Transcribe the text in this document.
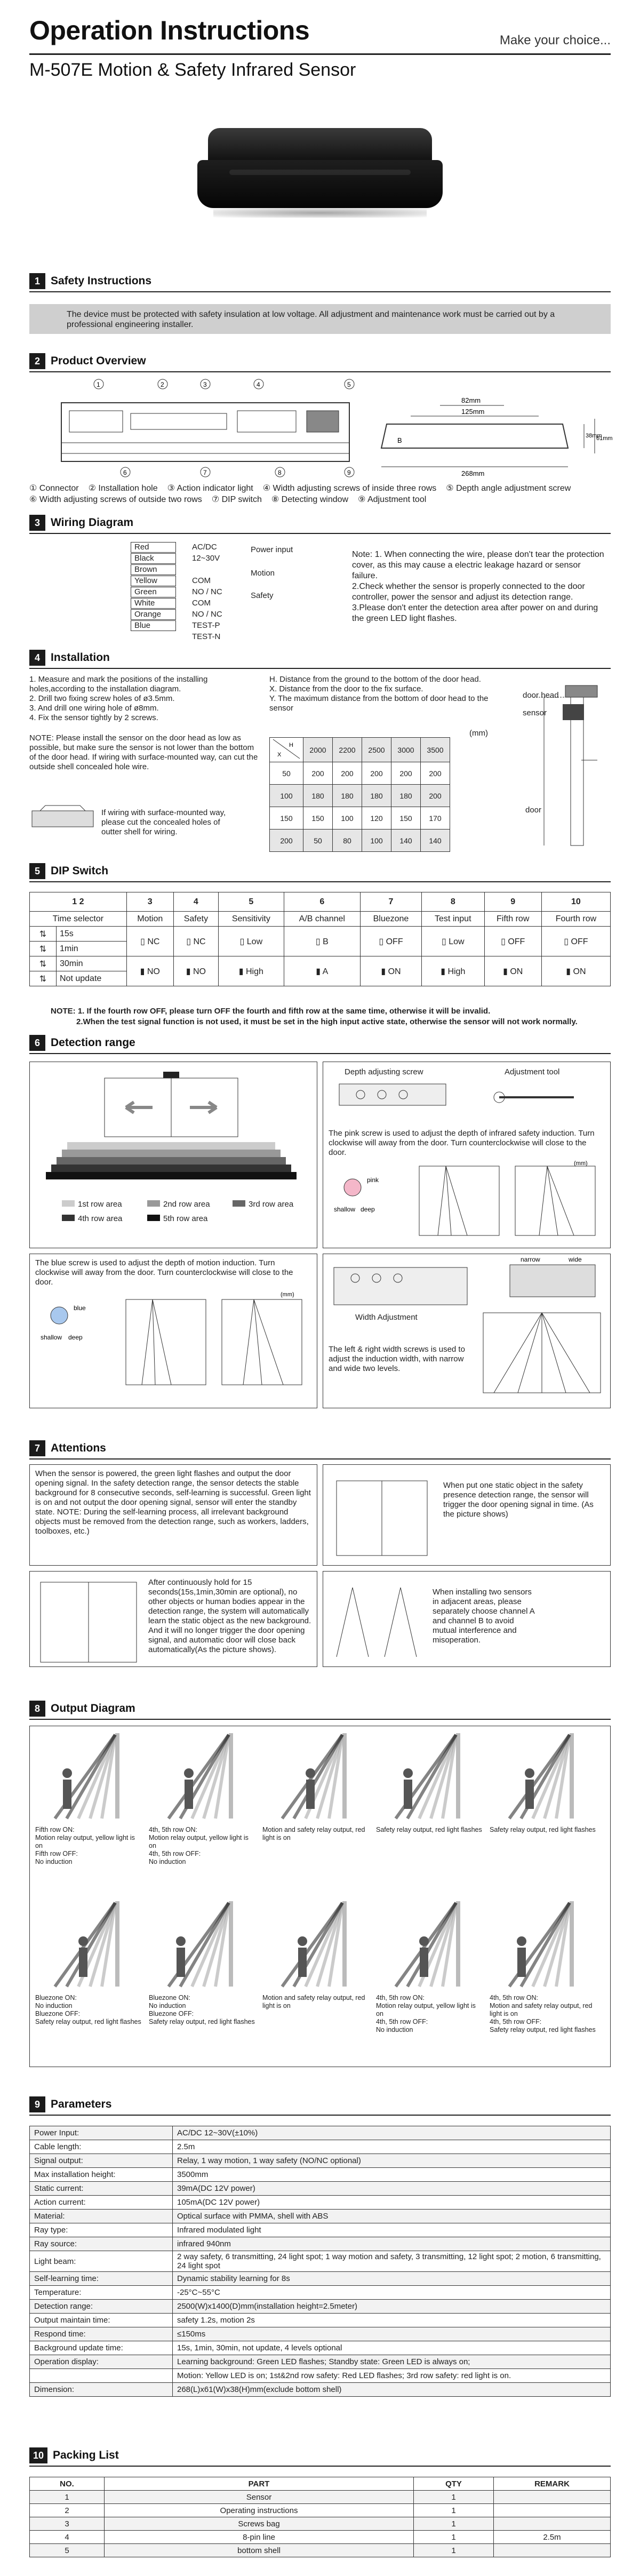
Operation Instructions	Make your choice...
M-507E Motion & Safety Infrared Sensor
1 Safety Instructions
The device must be protected with safety insulation at low voltage. All adjustment and maintenance work must be carried out by a professional engineering installer.
2 Product Overview
1	2	3	4	5
6	7	8	9
82mm
125mm
268mm
38mm
61mm
B
① Connector ② Installation hole ③ Action indicator light ④ Width adjusting screws of inside three rows ⑤ Depth angle adjustment screw
⑥ Width adjusting screws of outside two rows ⑦ DIP switch ⑧ Detecting window ⑨ Adjustment tool
3 Wiring Diagram
Red	AC/DC
Black	12~30V
Brown
Yellow	COM
Green	NO / NC
White	COM
Orange	NO / NC
Blue	TEST-P
TEST-N
Power input
Motion
Safety
Note: 1. When connecting the wire, please don't tear the protection cover, as this may cause a electric leakage hazard or sensor failure.
2.Check whether the sensor is properly connected to the door controller, power the sensor and adjust its detection range.
3.Please don't enter the detection area after power on and during the green LED light flashes.
4 Installation
1. Measure and mark the positions of the installing holes,according to the installation diagram.
2. Drill two fixing screw holes of ø3.5mm.
3. And drill one wiring hole of ø8mm.
4. Fix the sensor tightly by 2 screws.
NOTE: Please install the sensor on the door head as low as possible, but make sure the sensor is not lower than the bottom of the door head. If wiring with surface-mounted way, can cut the outside shell concealed hole wire.
H. Distance from the ground to the bottom of the door head.
X. Distance from the door to the fix surface.
Y. The maximum distance from the bottom of door head to the sensor
If wiring with surface-mounted way, please cut the concealed holes of outter shell for wiring.
(mm)
H
X	2000	2200	2500	3000	3500
50	200	200	200	200	200
100	180	180	180	180	200
150	150	100	120	150	170
200	50	80	100	140	140
door head
sensor
door
5 DIP Switch
1 2		3	4	5	6	7	8	9	10
Time selector		Motion	Safety	Sensitivity	A/B channel	Bluezone	Test input	Fifth row	Fourth row
⇅	15s	▯ NC	▯ NC	▯ Low	▯ B	▯ OFF	▯ Low	▯ OFF	▯ OFF
⇅	1min								
⇅	30min	▮ NO	▮ NO	▮ High	▮ A	▮ ON	▮ High	▮ ON	▮ ON
⇅	Not update								
NOTE: 1. If the fourth row OFF, please turn OFF the fourth and fifth row at the same time, otherwise it will be invalid.
2.When the test signal function is not used, it must be set in the high input active state, otherwise the sensor will not work normally.
6 Detection range
1st row area	2nd row area	3rd row area
4th row area	5th row area
Depth adjusting screw	Adjustment tool
The pink screw is used to adjust the depth of infrared safety induction. Turn clockwise will away from the door. Turn counterclockwise will close to the door.
pink
shallow deep
(mm)
The blue screw is used to adjust the depth of motion induction. Turn clockwise will away from the door. Turn counterclockwise will close to the door.
blue
shallow deep
(mm)
narrow	wide
Width Adjustment
The left & right width screws is used to adjust the induction width, with narrow and wide two levels.
7 Attentions
When the sensor is powered, the green light flashes and output the door opening signal. In the safety detection range, the sensor detects the stable background for 8 consecutive seconds, self-learning is successful. Green light is on and not output the door opening signal, sensor will enter the standby state. NOTE: During the self-learning process, all irrelevant background objects must be removed from the detection range, such as workers, ladders, toolboxes, etc.)
When put one static object in the safety presence detection range, the sensor will trigger the door opening signal in time. (As the picture shows)
After continuously hold for 15 seconds(15s,1min,30min are optional), no other objects or human bodies appear in the detection range, the system will automatically learn the static object as the new background. And it will no longer trigger the door opening signal, and automatic door will close back automatically(As the picture shows).
When installing two sensors in adjacent areas, please separately choose channel A and channel B to avoid mutual interference and misoperation.
8 Output Diagram
Fifth row ON:
Motion relay output, yellow light is on
Fifth row OFF:
No induction
4th, 5th row ON:
Motion relay output, yellow light is on
4th, 5th row OFF:
No induction
Motion and safety relay output, red light is on
Safety relay output, red light flashes	Safety relay output, red light flashes
Bluezone ON:
No induction
Bluezone OFF:
Safety relay output, red light flashes
Bluezone ON:
No induction
Bluezone OFF:
Safety relay output, red light flashes
Motion and safety relay output, red light is on
4th, 5th row ON:
Motion relay output, yellow light is on
4th, 5th row OFF:
No induction
4th, 5th row ON:
Motion and safety relay output, red light is on
4th, 5th row OFF:
Safety relay output, red light flashes
9 Parameters
Power Input:	AC/DC 12~30V(±10%)
Cable length:	2.5m
Signal output:	Relay, 1 way motion, 1 way safety (NO/NC optional)
Max installation height:	3500mm
Static current:	39mA(DC 12V power)
Action current:	105mA(DC 12V power)
Material:	Optical surface with PMMA, shell with ABS
Ray type:	Infrared modulated light
Ray source:	infrared 940nm
Light beam:	2 way safety, 6 transmitting, 24 light spot; 1 way motion and safety, 3 transmitting, 12 light spot; 2 motion, 6 transmitting, 24 light spot
Self-learning time:	Dynamic stability learning for 8s
Temperature:	-25°C~55°C
Detection range:	2500(W)x1400(D)mm(installation height=2.5meter)
Output maintain time:	safety 1.2s, motion 2s
Respond time:	≤150ms
Background update time:	15s, 1min, 30min, not update, 4 levels optional
Operation display:	Learning background: Green LED flashes; Standby state: Green LED is always on;
	Motion: Yellow LED is on; 1st&2nd row safety: Red LED flashes; 3rd row safety: red light is on.
Dimension:	268(L)x61(W)x38(H)mm(exclude bottom shell)
10 Packing List
NO.	PART	QTY	REMARK
1	Sensor	1	
2	Operating instructions	1	
3	Screws bag	1	
4	8-pin line	1	2.5m
5	bottom shell	1	
